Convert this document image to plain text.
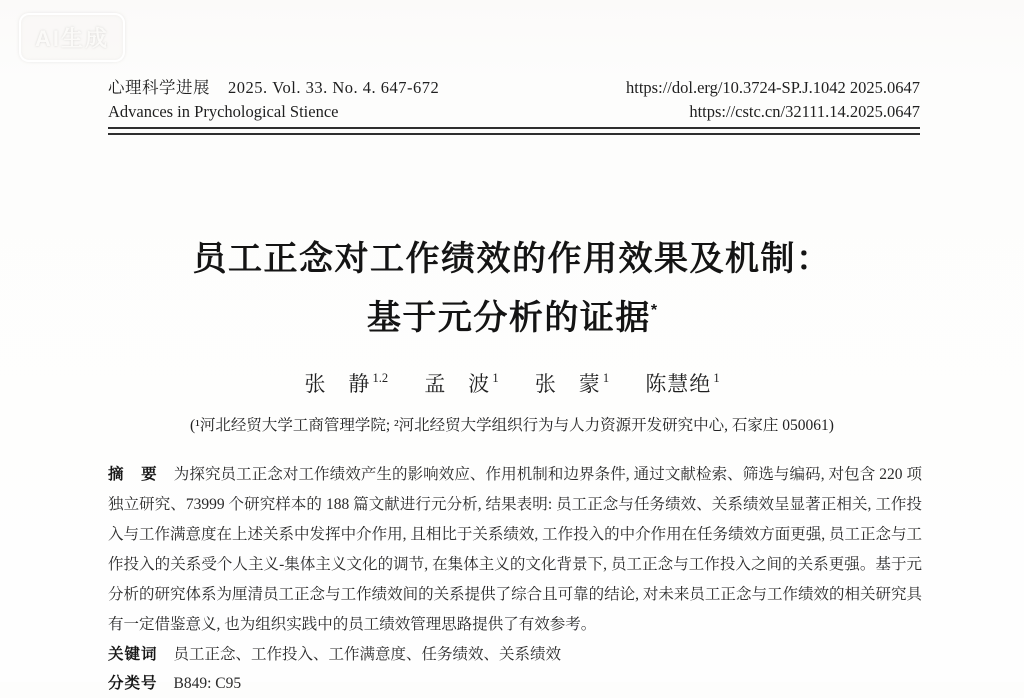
AI生成
心理科学进展 2025. Vol. 33. No. 4. 647-672
Advances in Prychological Stience
https://dol.erg/10.3724-SP.J.1042 2025.0647
https://cstc.cn/32111.14.2025.0647
员工正念对工作绩效的作用效果及机制：
基于元分析的证据*
张　静 $^{1.2}$ 孟　波 $^1$ 张　蒙 $^1$ 陈慧绝 $^1$
(¹河北经贸大学工商管理学院; ²河北经贸大学组织行为与人力资源开发研究中心, 石家庄 050061)
摘　要 为探究员工正念对工作绩效产生的影响效应、作用机制和边界条件, 通过文献检索、筛选与编码, 对包含 220 项独立研究、73999 个研究样本的 188 篇文献进行元分析, 结果表明: 员工正念与任务绩效、关系绩效呈显著正相关, 工作投入与工作满意度在上述关系中发挥中介作用, 且相比于关系绩效, 工作投入的中介作用在任务绩效方面更强, 员工正念与工作投入的关系受个人主义-集体主义文化的调节, 在集体主义的文化背景下, 员工正念与工作投入之间的关系更强。基于元分析的研究体系为厘清员工正念与工作绩效间的关系提供了综合且可靠的结论, 对未来员工正念与工作绩效的相关研究具有一定借鉴意义, 也为组织实践中的员工绩效管理思路提供了有效参考。
关键词 员工正念、工作投入、工作满意度、任务绩效、关系绩效
分类号 B849: C95
